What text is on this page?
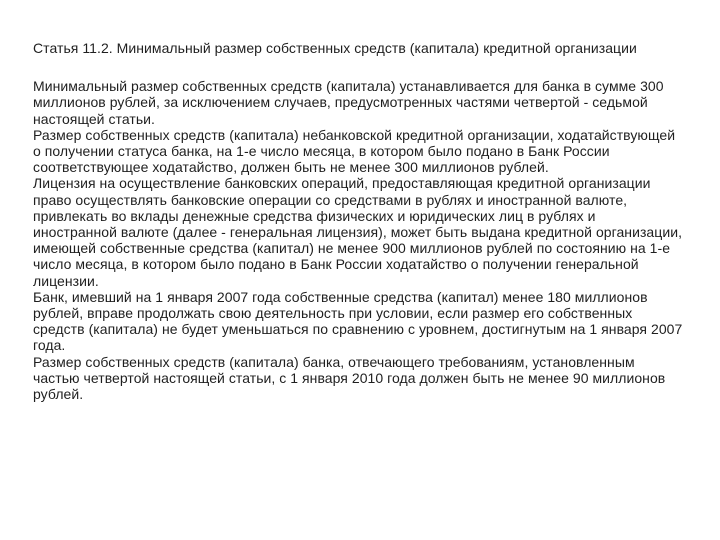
Статья 11.2. Минимальный размер собственных средств (капитала) кредитной организации

Минимальный размер собственных средств (капитала) устанавливается для банка в сумме 300 миллионов рублей, за исключением случаев, предусмотренных частями четвертой - седьмой настоящей статьи.

Размер собственных средств (капитала) небанковской кредитной организации, ходатайствующей о получении статуса банка, на 1-е число месяца, в котором было подано в Банк России соответствующее ходатайство, должен быть не менее 300 миллионов рублей.

Лицензия на осуществление банковских операций, предоставляющая кредитной организации право осуществлять банковские операции со средствами в рублях и иностранной валюте, привлекать во вклады денежные средства физических и юридических лиц в рублях и иностранной валюте (далее - генеральная лицензия), может быть выдана кредитной организации, имеющей собственные средства (капитал) не менее 900 миллионов рублей по состоянию на 1-е число месяца, в котором было подано в Банк России ходатайство о получении генеральной лицензии.

Банк, имевший на 1 января 2007 года собственные средства (капитал) менее 180 миллионов рублей, вправе продолжать свою деятельность при условии, если размер его собственных средств (капитала) не будет уменьшаться по сравнению с уровнем, достигнутым на 1 января 2007 года.

Размер собственных средств (капитала) банка, отвечающего требованиям, установленным частью четвертой настоящей статьи, с 1 января 2010 года должен быть не менее 90 миллионов рублей.
